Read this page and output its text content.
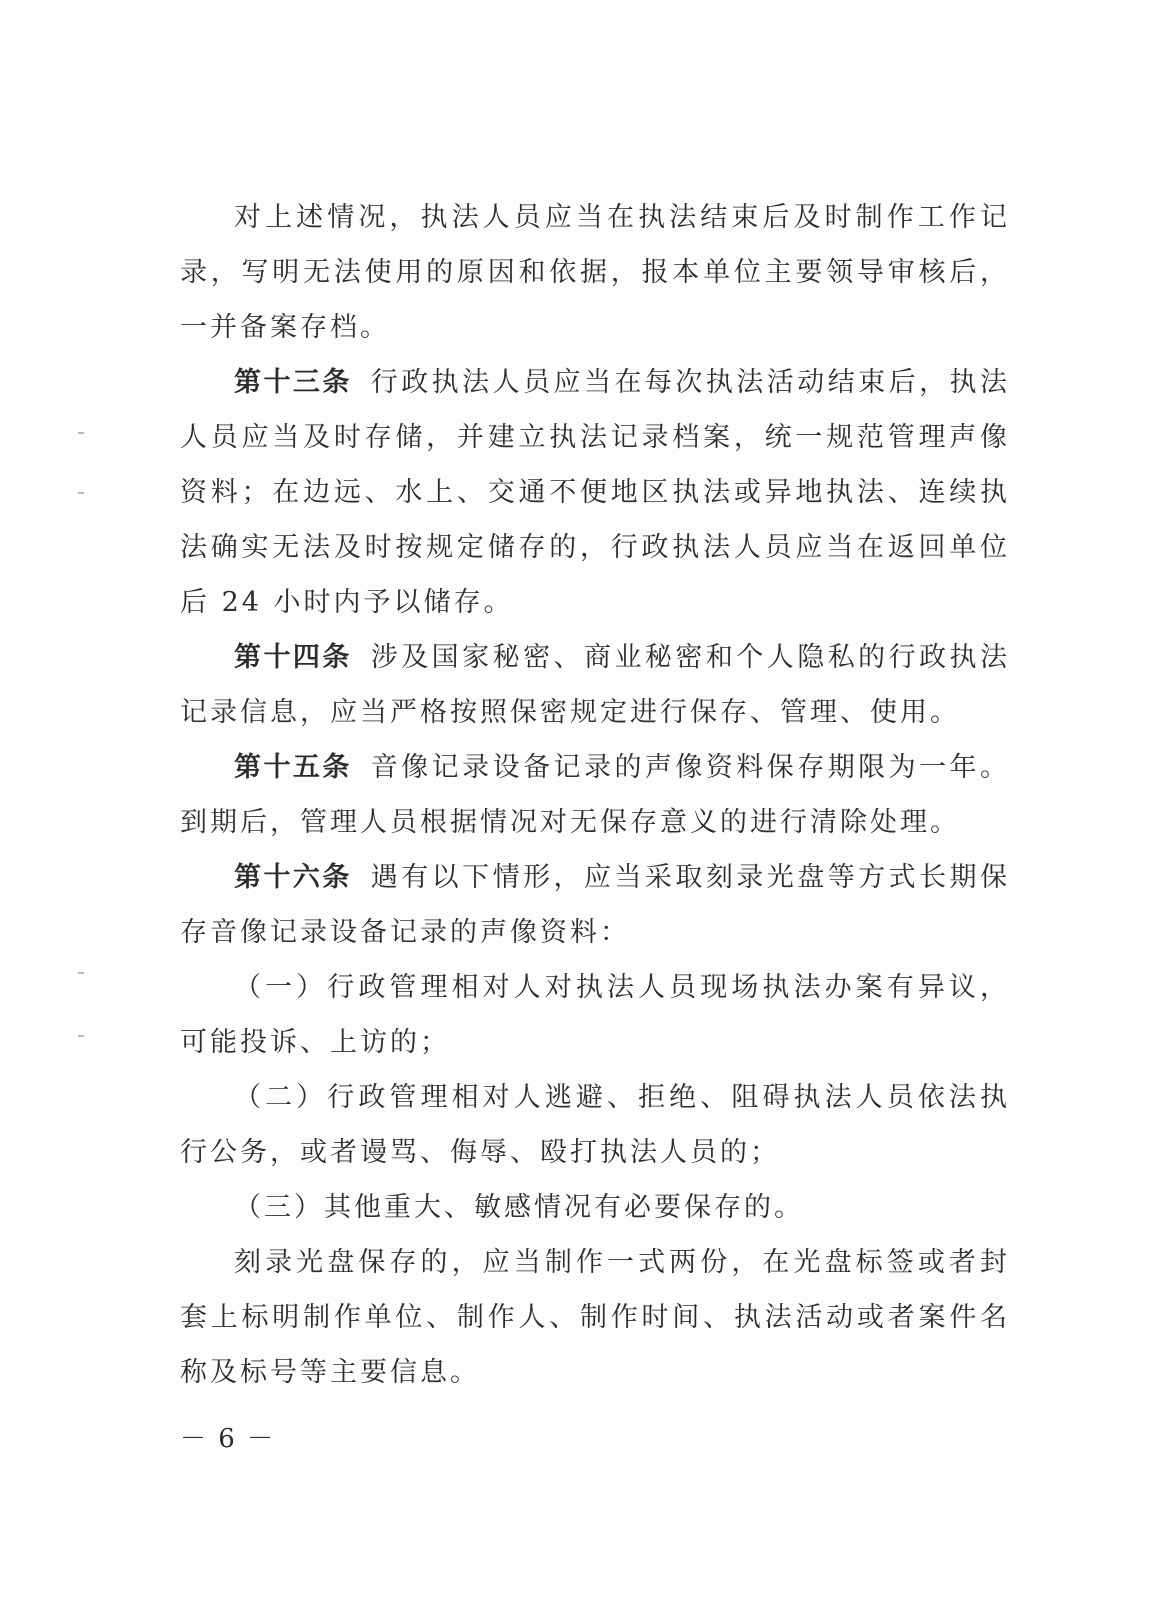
对上述情况，执法人员应当在执法结束后及时制作工作记录，写明无法使用的原因和依据，报本单位主要领导审核后，一并备案存档。

第十三条 行政执法人员应当在每次执法活动结束后，执法人员应当及时存储，并建立执法记录档案，统一规范管理声像资料；在边远、水上、交通不便地区执法或异地执法、连续执法确实无法及时按规定储存的，行政执法人员应当在返回单位后 24 小时内予以储存。

第十四条 涉及国家秘密、商业秘密和个人隐私的行政执法记录信息，应当严格按照保密规定进行保存、管理、使用。

第十五条 音像记录设备记录的声像资料保存期限为一年。到期后，管理人员根据情况对无保存意义的进行清除处理。

第十六条 遇有以下情形，应当采取刻录光盘等方式长期保存音像记录设备记录的声像资料：

（一）行政管理相对人对执法人员现场执法办案有异议，可能投诉、上访的；

（二）行政管理相对人逃避、拒绝、阻碍执法人员依法执行公务，或者谩骂、侮辱、殴打执法人员的；

（三）其他重大、敏感情况有必要保存的。

刻录光盘保存的，应当制作一式两份，在光盘标签或者封套上标明制作单位、制作人、制作时间、执法活动或者案件名称及标号等主要信息。

－ 6 －
